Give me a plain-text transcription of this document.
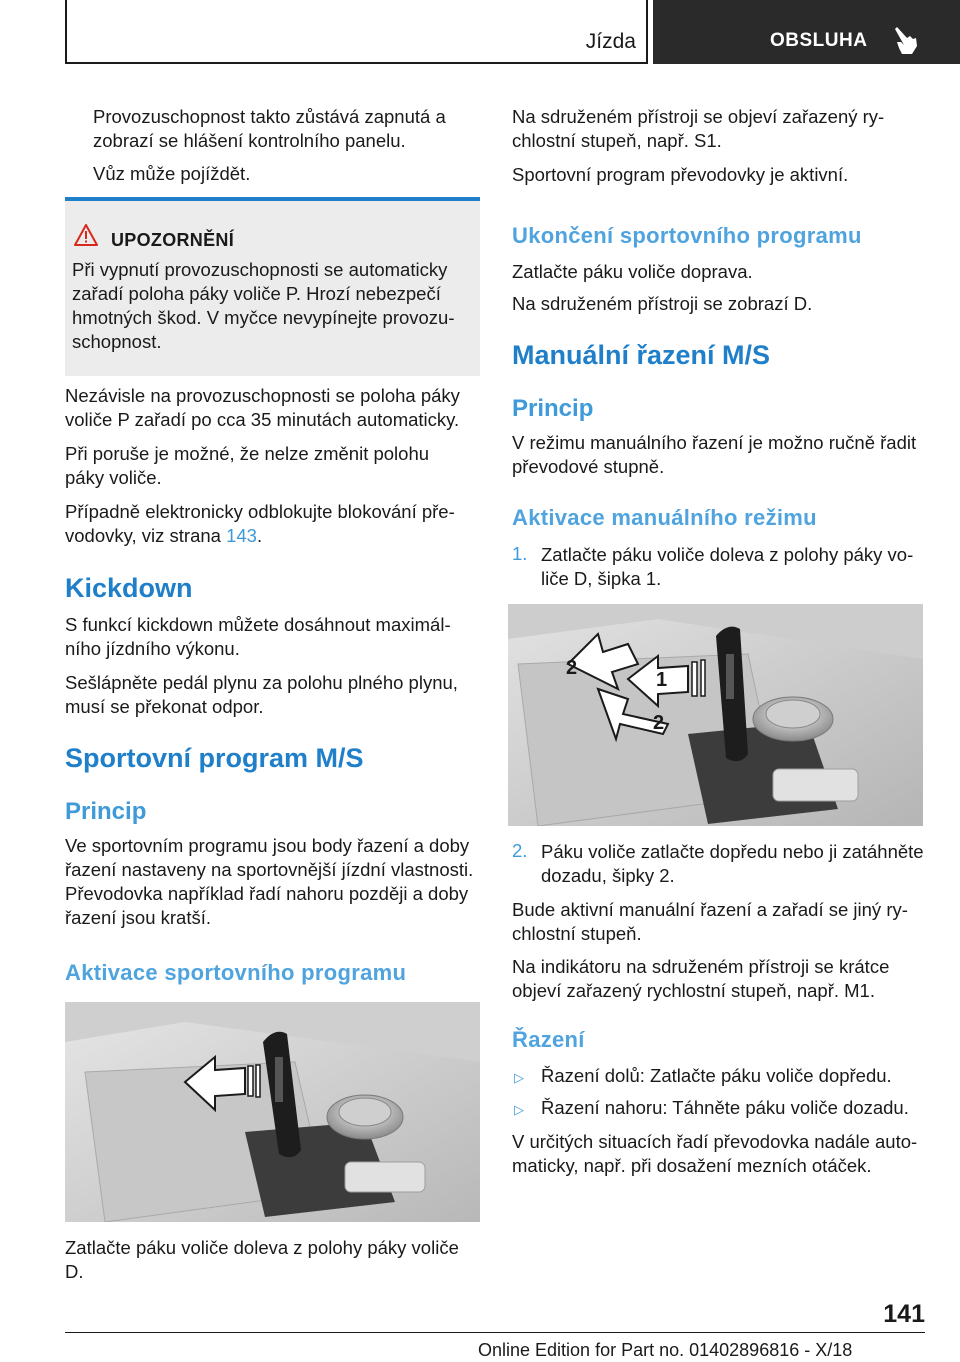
Jízda	OBSLUHA

Provozuschopnost takto zůstává zapnutá a zobrazí se hlášení kontrolního panelu.

Vůz může pojíždět.

UPOZORNĚNÍ

Při vypnutí provozuschopnosti se automaticky zařadí poloha páky voliče P. Hrozí nebezpečí hmotných škod. V myčce nevypínejte provozuschopnost.

Nezávisle na provozuschopnosti se poloha páky voliče P zařadí po cca 35 minutách automaticky.

Při poruše je možné, že nelze změnit polohu páky voliče.

Případně elektronicky odblokujte blokování převodovky, viz strana 143.

Kickdown

S funkcí kickdown můžete dosáhnout maximálního jízdního výkonu.

Sešlápněte pedál plynu za polohu plného plynu, musí se překonat odpor.

Sportovní program M/S
Princip

Ve sportovním programu jsou body řazení a doby řazení nastaveny na sportovnější jízdní vlastnosti. Převodovka například řadí nahoru později a doby řazení jsou kratší.

Aktivace sportovního programu

Zatlačte páku voliče doleva z polohy páky voliče D.

Na sdruženém přístroji se objeví zařazený rychlostní stupeň, např. S1.

Sportovní program převodovky je aktivní.

Ukončení sportovního programu

Zatlačte páku voliče doprava.

Na sdruženém přístroji se zobrazí D.

Manuální řazení M/S
Princip

V režimu manuálního řazení je možno ručně řadit převodové stupně.

Aktivace manuálního režimu
1. Zatlačte páku voliče doleva z polohy páky voliče D, šipka 1.

1
2
2
2. Páku voliče zatlačte dopředu nebo ji zatáhněte dozadu, šipky 2.

Bude aktivní manuální řazení a zařadí se jiný rychlostní stupeň.

Na indikátoru na sdruženém přístroji se krátce objeví zařazený rychlostní stupeň, např. M1.

Řazení
▷ Řazení dolů: Zatlačte páku voliče dopředu.

▷ Řazení nahoru: Táhněte páku voliče dozadu.

V určitých situacích řadí převodovka nadále automaticky, např. při dosažení mezních otáček.

141
Online Edition for Part no. 01402896816 - X/18
